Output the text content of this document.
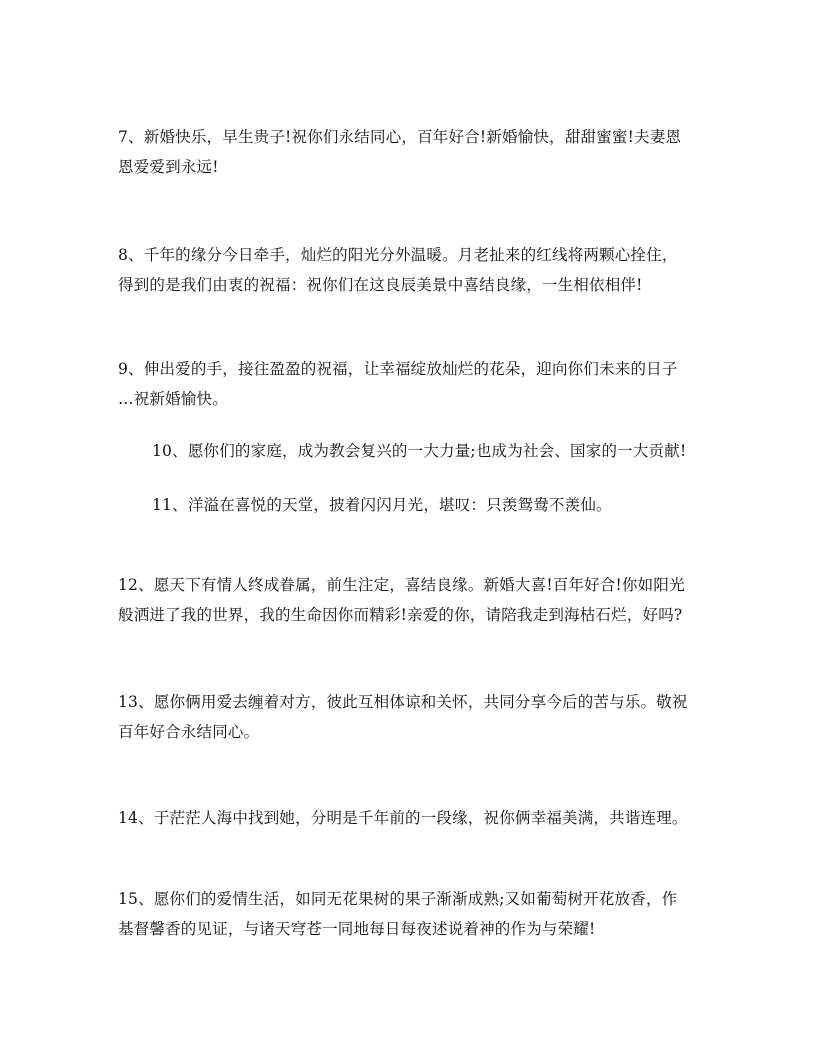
7、新婚快乐，早生贵子!祝你们永结同心，百年好合!新婚愉快，甜甜蜜蜜!夫妻恩
恩爱爱到永远!
8、千年的缘分今日牵手，灿烂的阳光分外温暖。月老扯来的红线将两颗心拴住，
得到的是我们由衷的祝福：祝你们在这良辰美景中喜结良缘，一生相依相伴!
9、伸出爱的手，接往盈盈的祝福，让幸福绽放灿烂的花朵，迎向你们未来的日子
…祝新婚愉快。
10、愿你们的家庭，成为教会复兴的一大力量;也成为社会、国家的一大贡献!
11、洋溢在喜悦的天堂，披着闪闪月光，堪叹：只羡鸳鸯不羡仙。
12、愿天下有情人终成眷属，前生注定，喜结良缘。新婚大喜!百年好合!你如阳光
般洒进了我的世界，我的生命因你而精彩!亲爱的你，请陪我走到海枯石烂，好吗?
13、愿你俩用爱去缠着对方，彼此互相体谅和关怀，共同分享今后的苦与乐。敬祝
百年好合永结同心。
14、于茫茫人海中找到她，分明是千年前的一段缘，祝你俩幸福美满，共谐连理。
15、愿你们的爱情生活，如同无花果树的果子渐渐成熟;又如葡萄树开花放香，作
基督馨香的见证，与诸天穹苍一同地每日每夜述说着神的作为与荣耀!
